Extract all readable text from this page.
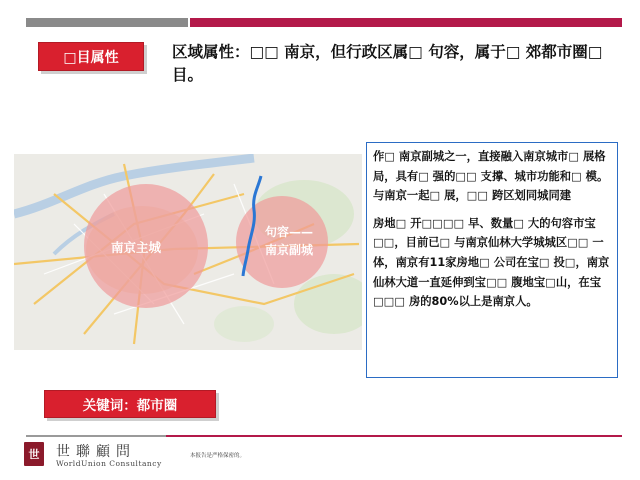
□目属性	区域属性：□□ 南京，但行政区属□ 句容，属于□ 郊都市圈□ 目。
南京主城
句容——
南京副城

作□ 南京副城之一，直接融入南京城市□ 展格局，具有□ 强的□□ 支撑、城市功能和□ 模。与南京一起□ 展，□□ 跨区划同城同建

房地□ 开□□□□ 早、数量□ 大的句容市宝□□，目前已□ 与南京仙林大学城城区□□ 一体，南京有11家房地□ 公司在宝□ 投□，南京仙林大道一直延伸到宝□□ 腹地宝□山，在宝□□□ 房的80%以上是南京人。

关键词：都市圈
世	世聯顧問
WorldUnion Consultancy
本报告是严格保密的。
